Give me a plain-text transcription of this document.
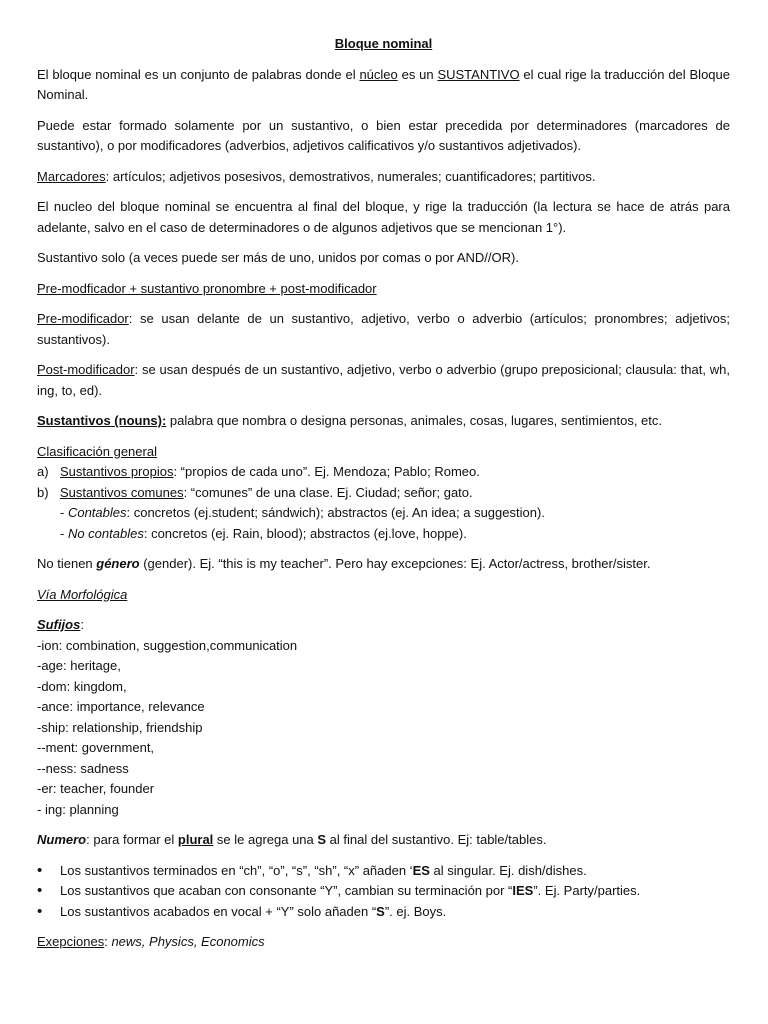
Bloque nominal

El bloque nominal es un conjunto de palabras donde el núcleo es un SUSTANTIVO el cual rige la traducción del Bloque Nominal.

Puede estar formado solamente por un sustantivo, o bien estar precedida por determinadores (marcadores de sustantivo), o por modificadores (adverbios, adjetivos calificativos y/o sustantivos adjetivados).

Marcadores: artículos; adjetivos posesivos, demostrativos, numerales; cuantificadores; partitivos.

El nucleo del bloque nominal se encuentra al final del bloque, y rige la traducción (la lectura se hace de atrás para adelante, salvo en el caso de determinadores o de algunos adjetivos que se mencionan 1°).

Sustantivo solo (a veces puede ser más de uno, unidos por comas o por AND//OR).

Pre-modficador + sustantivo pronombre + post-modificador

Pre-modificador: se usan delante de un sustantivo, adjetivo, verbo o adverbio (artículos; pronombres; adjetivos; sustantivos).

Post-modificador: se usan después de un sustantivo, adjetivo, verbo o adverbio (grupo preposicional; clausula: that, wh, ing, to, ed).

Sustantivos (nouns): palabra que nombra o designa personas, animales, cosas, lugares, sentimientos, etc.

Clasificación general
a) Sustantivos propios: “propios de cada uno”. Ej. Mendoza; Pablo; Romeo.
b) Sustantivos comunes: “comunes” de una clase. Ej. Ciudad; señor; gato.
- Contables: concretos (ej.student; sándwich); abstractos (ej. An idea; a suggestion).
- No contables: concretos (ej. Rain, blood); abstractos (ej.love, hoppe).

No tienen género (gender). Ej. “this is my teacher”. Pero hay excepciones: Ej. Actor/actress, brother/sister.

Vía Morfológica

Sufijos:
-ion: combination, suggestion,communication
-age: heritage,
-dom: kingdom,
-ance: importance, relevance
-ship: relationship, friendship
--ment: government,
--ness: sadness
-er: teacher, founder
- ing: planning

Numero: para formar el plural se le agrega una S al final del sustantivo. Ej: table/tables.

•	Los sustantivos terminados en “ch”, “o”, “s”, “sh”, “x” añaden ‘ES al singular. Ej. dish/dishes.
•	Los sustantivos que acaban con consonante “Y”, cambian su terminación por “IES”. Ej. Party/parties.
•	Los sustantivos acabados en vocal + “Y” solo añaden “S”. ej. Boys.

Exepciones: news, Physics, Economics
